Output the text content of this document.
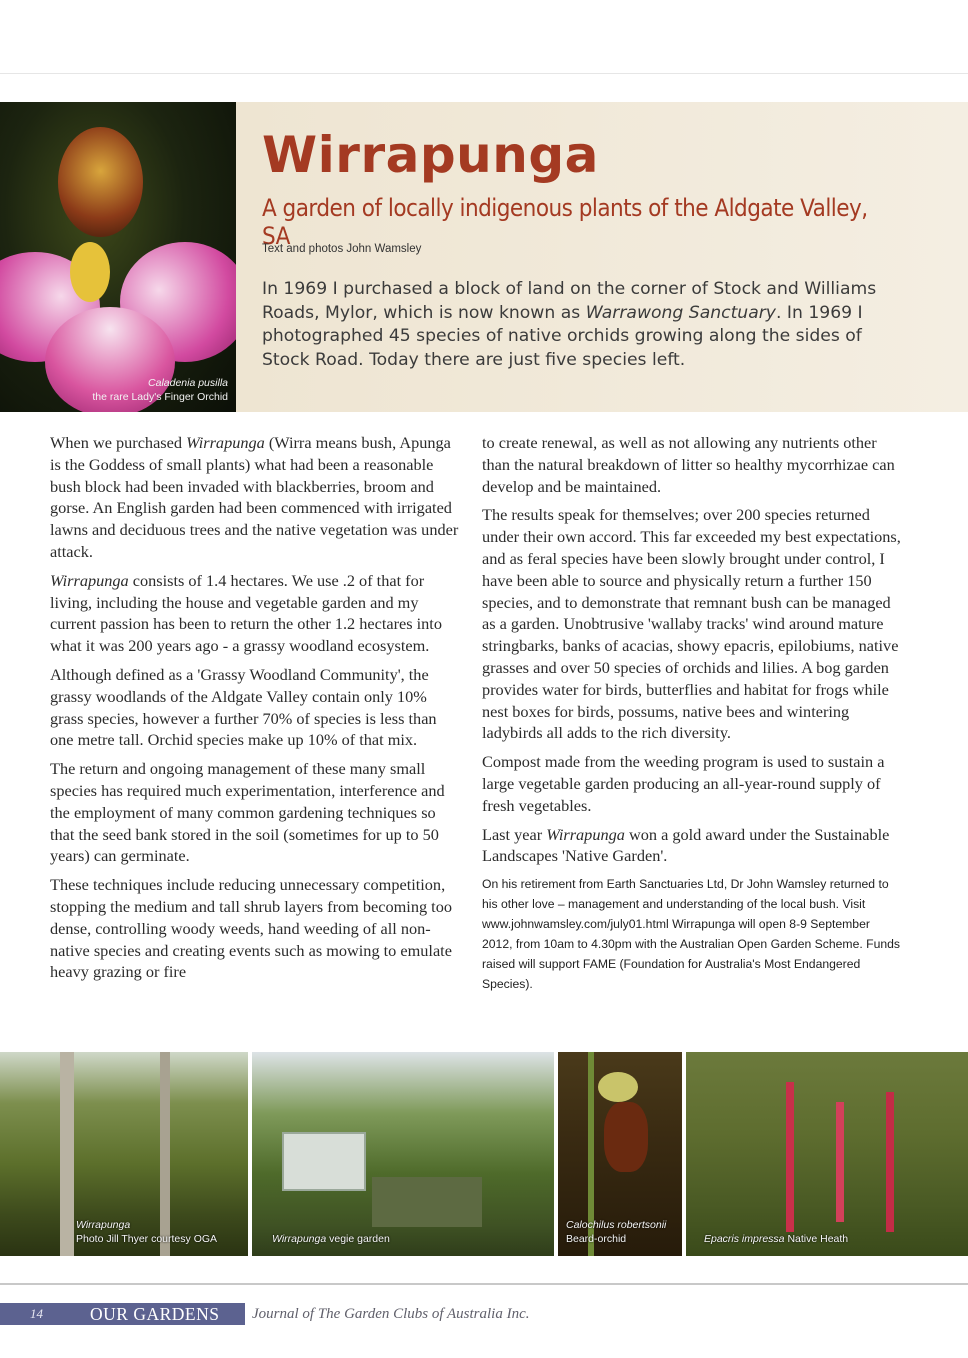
Caladenia pusilla
the rare Lady's Finger Orchid
Wirrapunga
A garden of locally indigenous plants of the Aldgate Valley, SA
Text and photos John Wamsley

In 1969 I purchased a block of land on the corner of Stock and Williams Roads, Mylor, which is now known as Warrawong Sanctuary. In 1969 I photographed 45 species of native orchids growing along the sides of Stock Road. Today there are just five species left.

When we purchased Wirrapunga (Wirra means bush, Apunga is the Goddess of small plants) what had been a reasonable bush block had been invaded with blackberries, broom and gorse. An English garden had been commenced with irrigated lawns and deciduous trees and the native vegetation was under attack.

Wirrapunga consists of 1.4 hectares. We use .2 of that for living, including the house and vegetable garden and my current passion has been to return the other 1.2 hectares into what it was 200 years ago - a grassy woodland ecosystem.

Although defined as a 'Grassy Woodland Community', the grassy woodlands of the Aldgate Valley contain only 10% grass species, however a further 70% of species is less than one metre tall. Orchid species make up 10% of that mix.

The return and ongoing management of these many small species has required much experimentation, interference and the employment of many common gardening techniques so that the seed bank stored in the soil (sometimes for up to 50 years) can germinate.

These techniques include reducing unnecessary competition, stopping the medium and tall shrub layers from becoming too dense, controlling woody weeds, hand weeding of all non-native species and creating events such as mowing to emulate heavy grazing or fire

to create renewal, as well as not allowing any nutrients other than the natural breakdown of litter so healthy mycorrhizae can develop and be maintained.

The results speak for themselves; over 200 species returned under their own accord. This far exceeded my best expectations, and as feral species have been slowly brought under control, I have been able to source and physically return a further 150 species, and to demonstrate that remnant bush can be managed as a garden. Unobtrusive 'wallaby tracks' wind around mature stringbarks, banks of acacias, showy epacris, epilobiums, native grasses and over 50 species of orchids and lilies. A bog garden provides water for birds, butterflies and habitat for frogs while nest boxes for birds, possums, native bees and wintering ladybirds all adds to the rich diversity.

Compost made from the weeding program is used to sustain a large vegetable garden producing an all-year-round supply of fresh vegetables.

Last year Wirrapunga won a gold award under the Sustainable Landscapes 'Native Garden'.

On his retirement from Earth Sanctuaries Ltd, Dr John Wamsley returned to his other love – management and understanding of the local bush. Visit www.johnwamsley.com/july01.html Wirrapunga will open 8-9 September 2012, from 10am to 4.30pm with the Australian Open Garden Scheme. Funds raised will support FAME (Foundation for Australia's Most Endangered Species).
Wirrapunga
Photo Jill Thyer courtesy OGA	Wirrapunga vegie garden
Calochilus robertsonii
Beard-orchid	Epacris impressa Native Heath
14	OUR GARDENS Journal of The Garden Clubs of Australia Inc.
